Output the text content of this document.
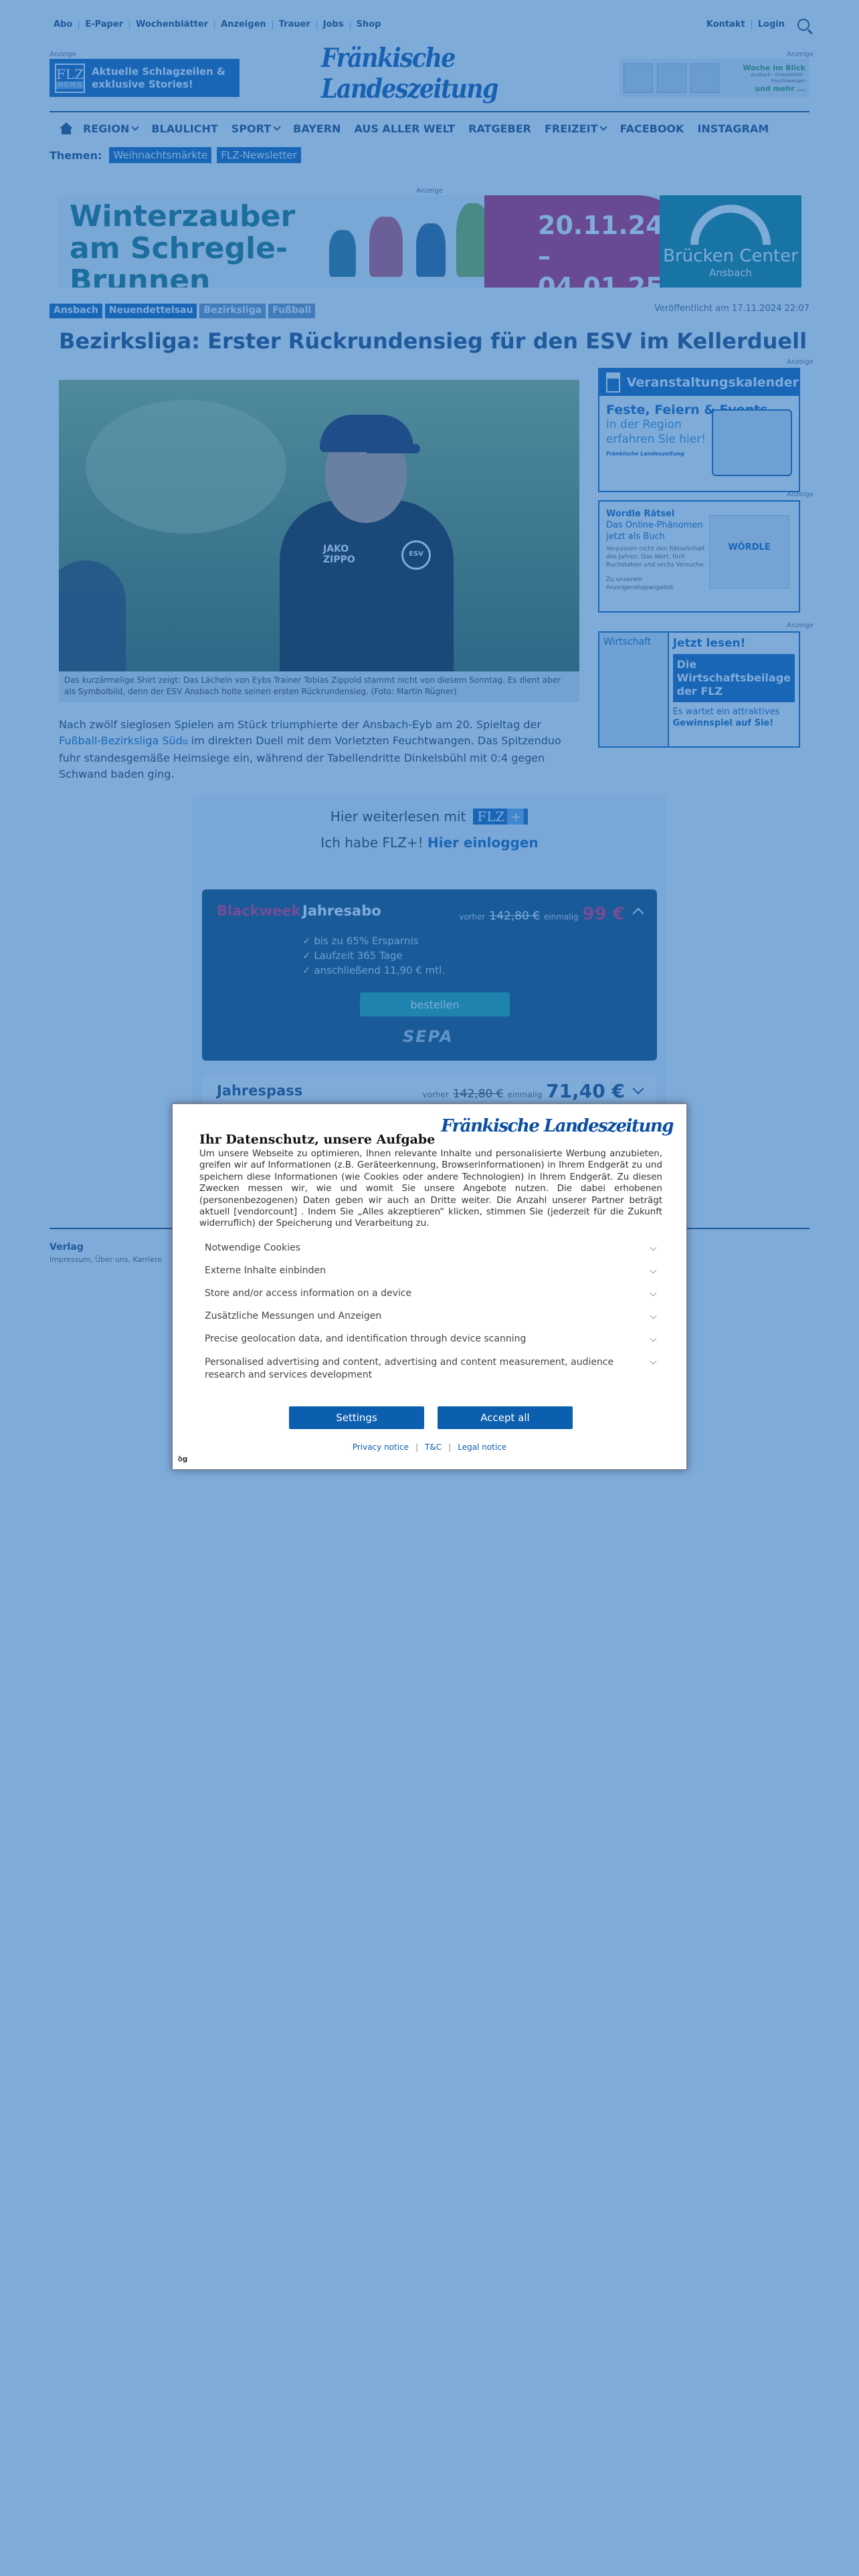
Ihr Datenschutz, unsere Aufgabe
Fränkische Landeszeitung
Um unsere Webseite zu optimieren, Ihnen relevante Inhalte und personalisierte Werbung anzubieten, greifen wir auf Informationen (z.B. Geräteerkennung, Browserinformationen) in Ihrem Endgerät zu und speichern diese Informationen (wie Cookies oder andere Technologien) in Ihrem Endgerät. Zu diesen Zwecken messen wir, wie und womit Sie unsere Angebote nutzen. Die dabei erhobenen (personenbezogenen) Daten geben wir auch an Dritte weiter. Die Anzahl unserer Partner beträgt aktuell [vendorcount] . Indem Sie „Alles akzeptieren“ klicken, stimmen Sie (jederzeit für die Zukunft widerruflich) der Speicherung und Verarbeitung zu.
Notwendige Cookies
Externe Inhalte einbinden
Store and/or access information on a device
Zusätzliche Messungen und Anzeigen
Precise geolocation data, and identification through device scanning
Personalised advertising and content, advertising and content measurement, audience research and services development
Settings	Accept all
Privacy notice | T&C | Legal notice
ꝺg
